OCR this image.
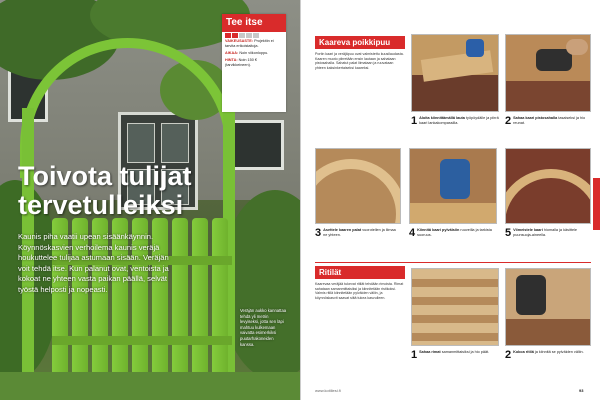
Toivota tulijat tervetulleiksi
Kaunis piha vaatii upean sisäänkäynnin. Köynnöskasvien verhoilema kaunis veräjä houkuttelee tulijaa astumaan sisään. Veräjän voit tehdä itse. Kun palanut ovat, ventoista ja kokoat ne yhteen vasta paikan päällä, selvät työstä helposti ja nopeasti.
Veräjän aukko kannattaa tehdä yli metrin levyiseksi, jotta sen läpi mahtuu kulkemaan vaivatta esimerkiksi puutarhakoneiden kanssa.
Tee itse
VAIKEUSASTE: Projektiin ei tarvita erikoistaitoja.
AIKAA: Noin viikonloppu.
HINTA: Noin 150 € (tarvikkeineen).
Kaareva poikkipuu
Portin kaari ja veräjäpuu ovat valmistettu kuusilaudasta. Kaaren muoto piirretään ensin lautaan ja sahataan pistosahalla. Sahatut palat liimataan ja ruuvataan yhteen kaksinkertaiseksi kaareksi.
1 Aloita kiinnittämällä lauta työpöydälle ja piirrä kaari lankakompassilla.	2 Sahaa kaari pistosahalla tasaiseksi ja hio reunat.
3 Asettele kaaren palat vuorotellen ja liimaa ne yhteen.	4 Kiinnitä kaari pylväisiin ruuveilla ja tarkista suoruus.	5 Viimeistele kaari hiomalla ja käsittele puunsuoja-aineella.
Ritilät
Kaarevaa veräjää tukevat ritilät tehdään rimoista. Rimat sahataan samanmittaisiksi ja kiinnitetään ristikoksi. Valmis ritilä kiinnitetään pylväiden väliin, ja köynnöskasvit saavat siitä tukea kasvulleen.
1 Sahaa rimat samanmittaisiksi ja hio päät.	2 Kokoa ritilä ja kiinnitä se pylväiden väliin.
www.kotiliesi.fi	93
